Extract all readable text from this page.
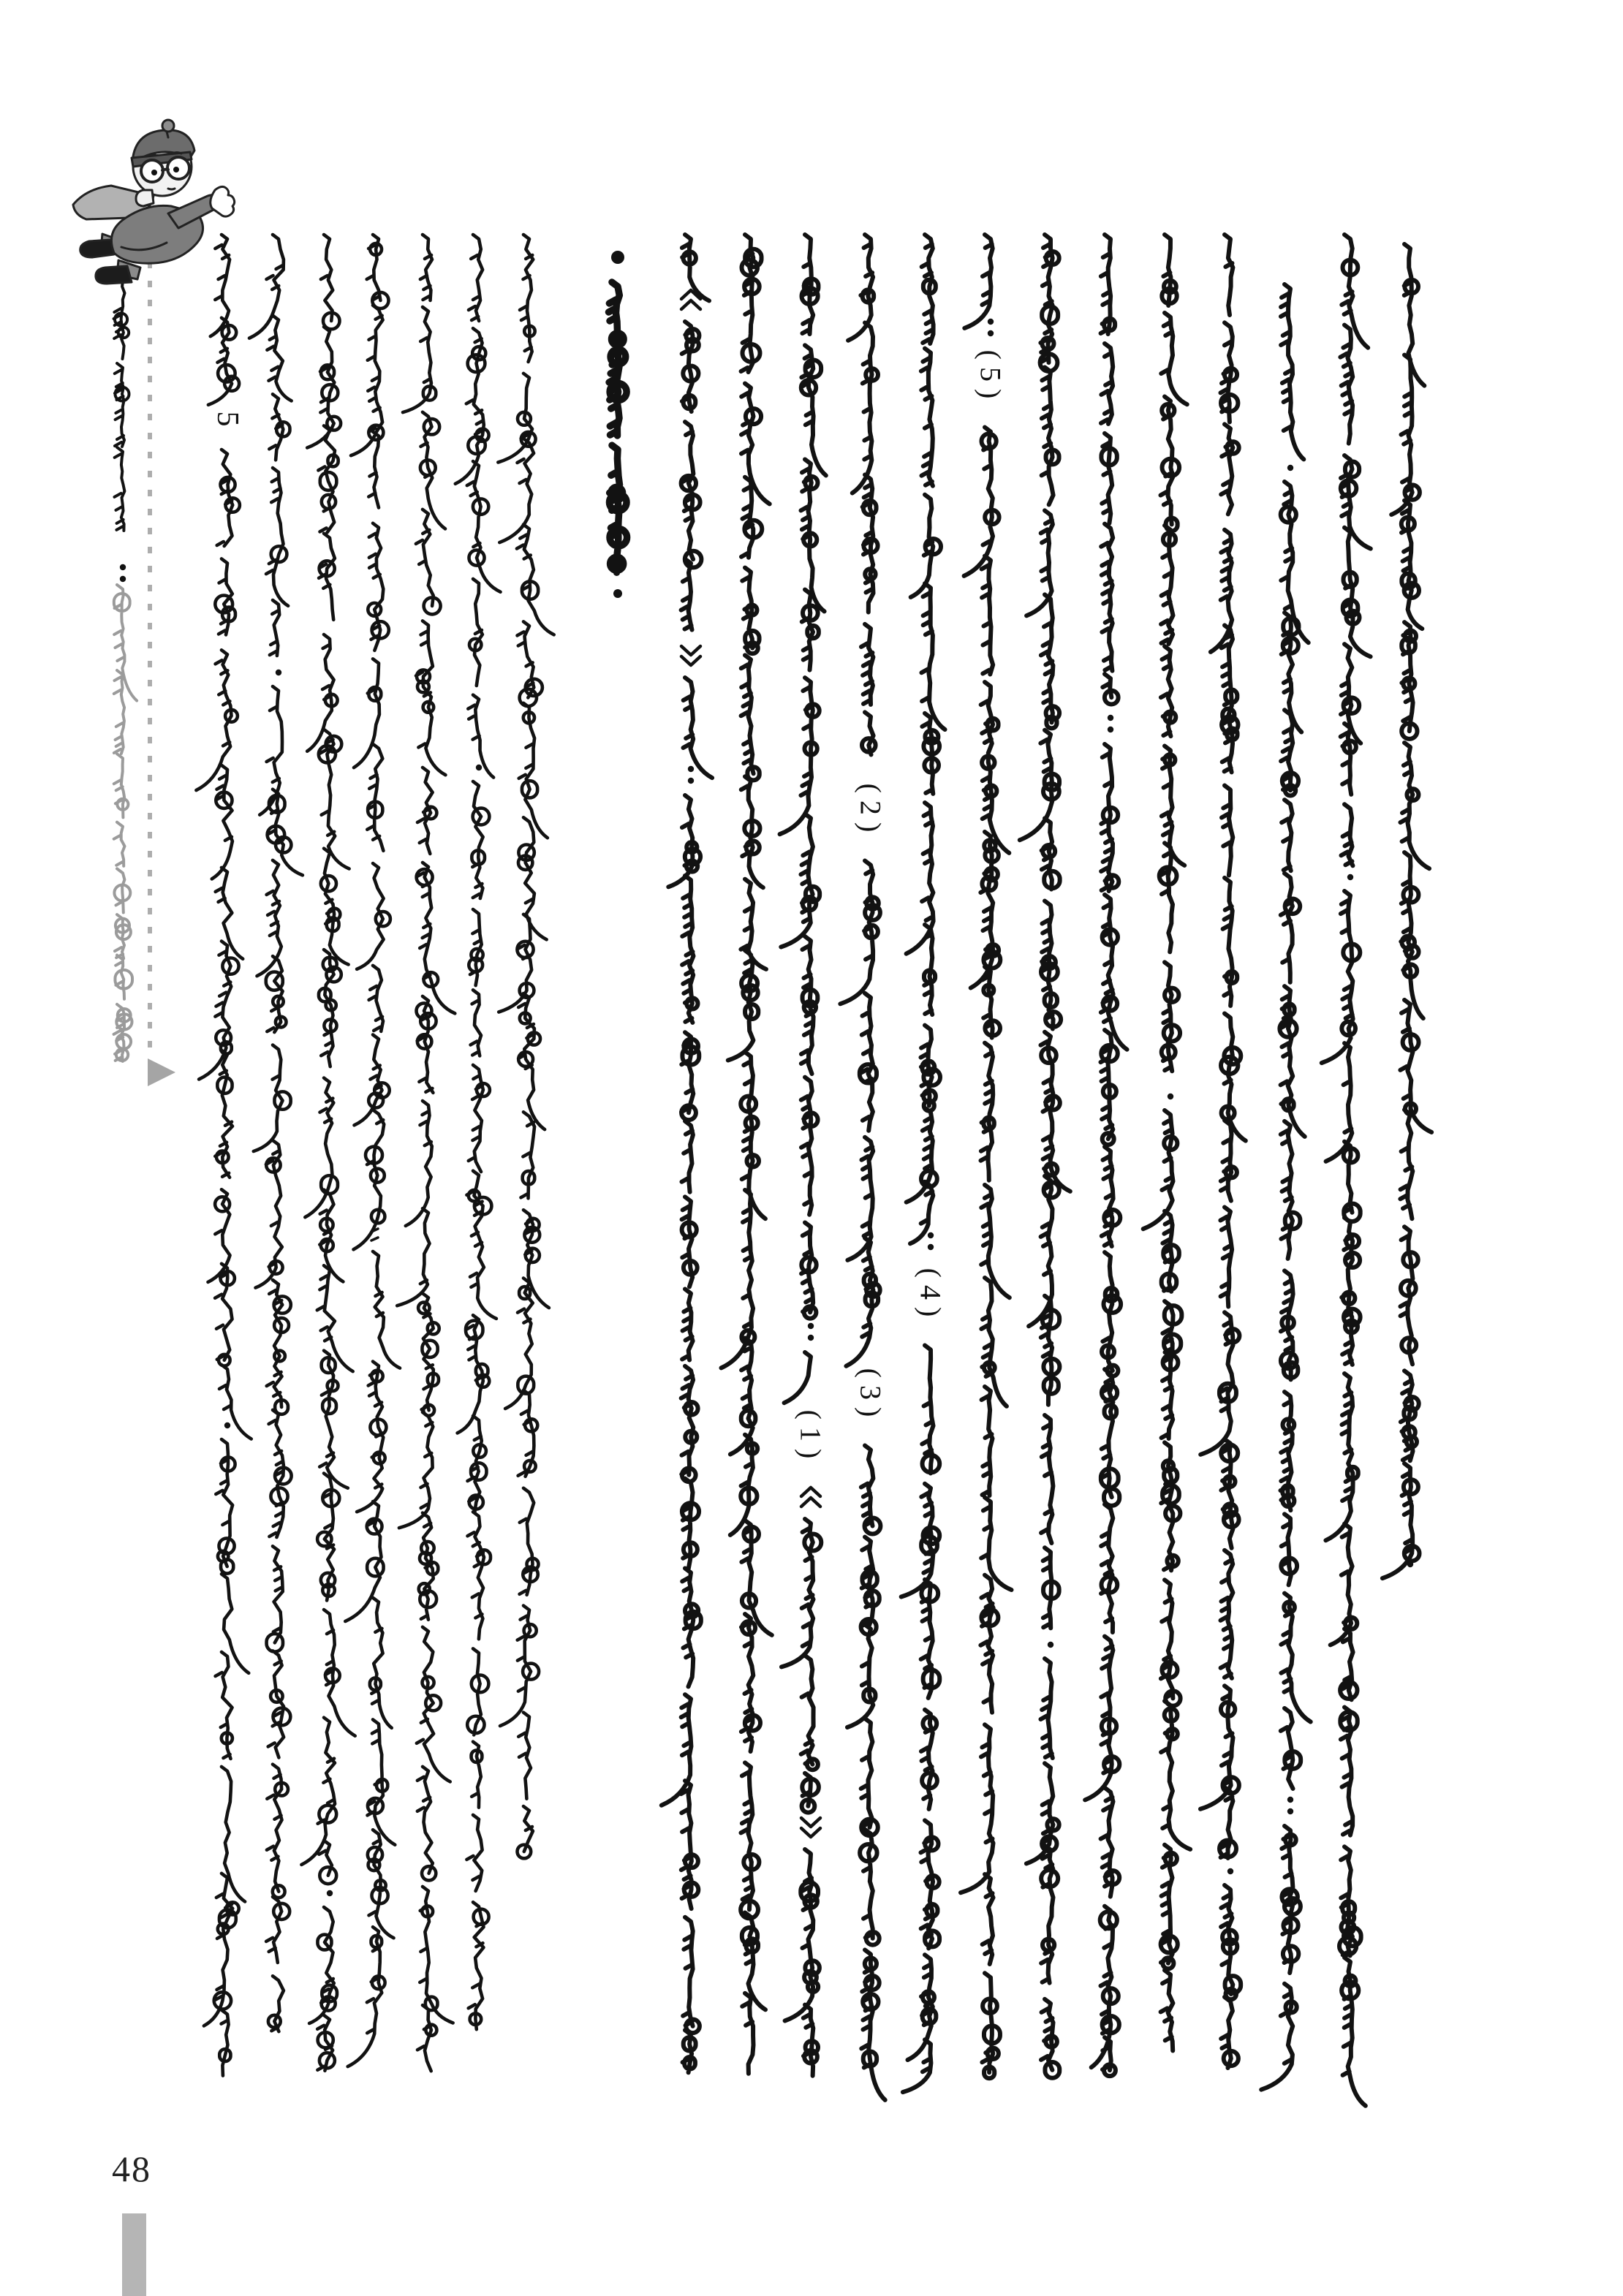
5
( 1 )
( 2 )
( 3 )
( 4 )
( 5 )
48
